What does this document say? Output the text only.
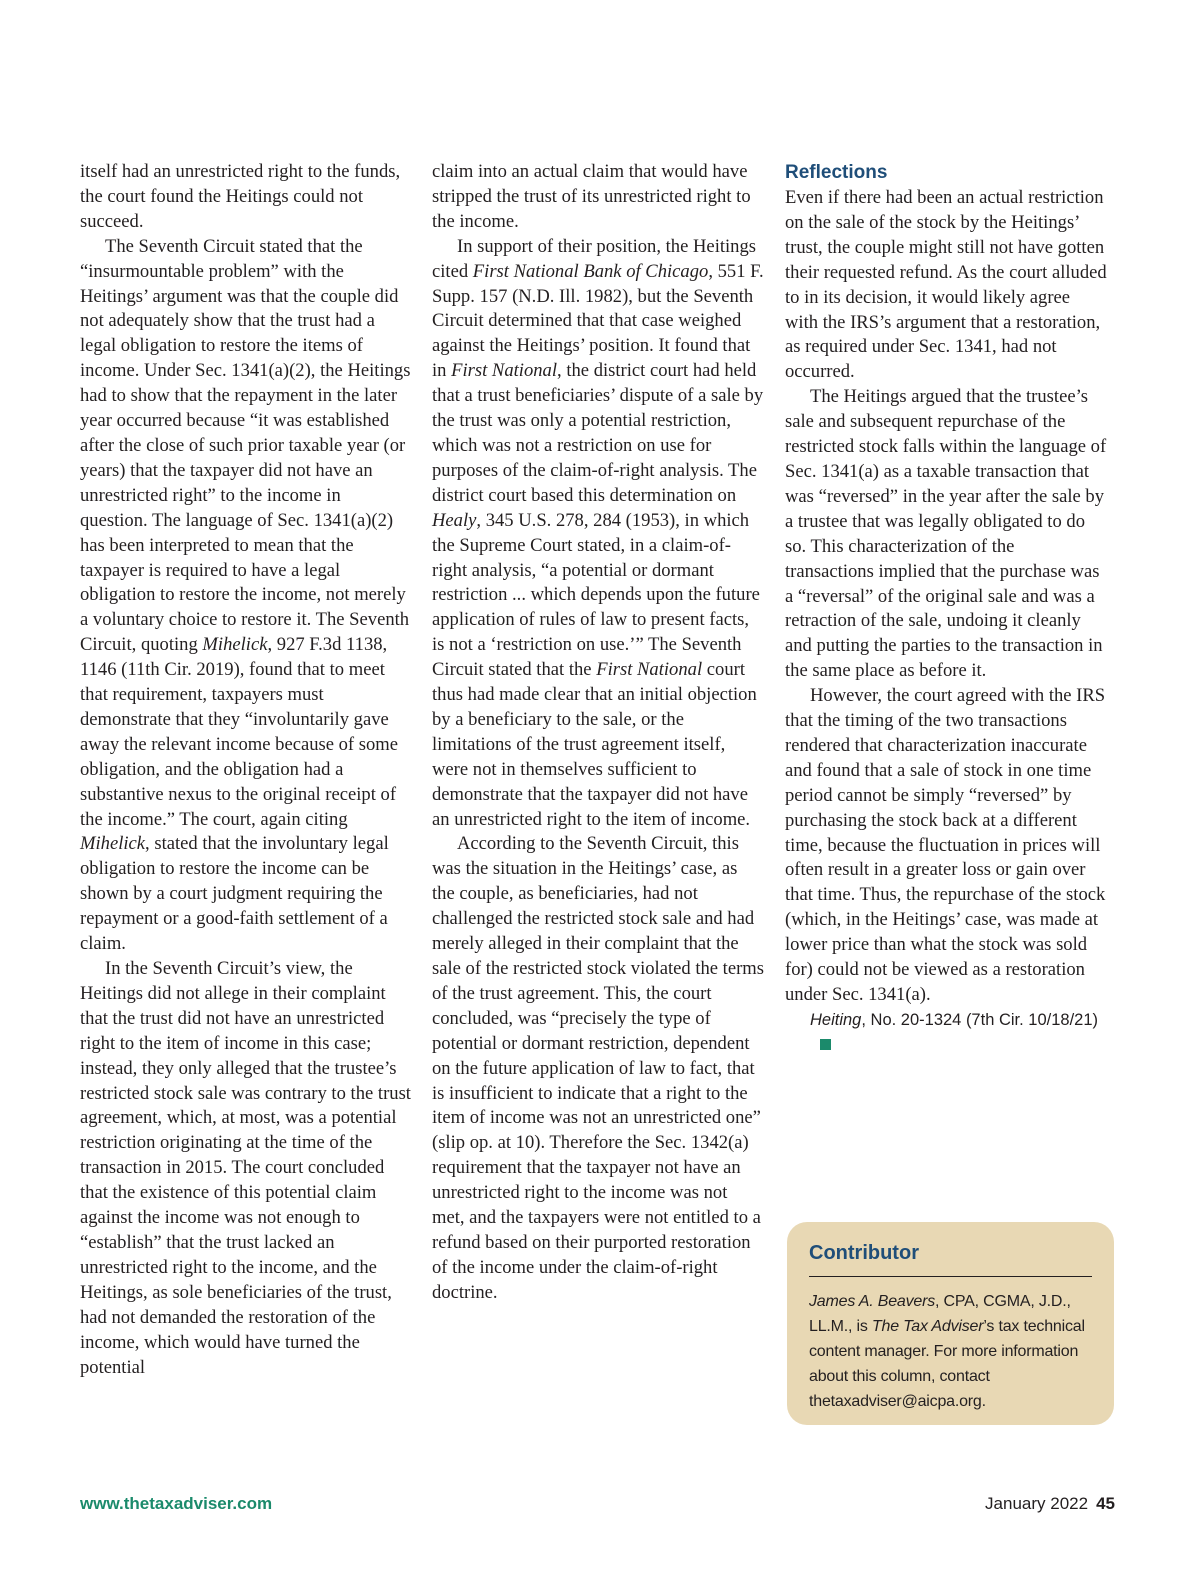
itself had an unrestricted right to the funds, the court found the Heitings could not succeed.

The Seventh Circuit stated that the “insurmountable problem” with the Heitings’ argument was that the couple did not adequately show that the trust had a legal obligation to restore the items of income. Under Sec. 1341(a)(2), the Heitings had to show that the repayment in the later year occurred because “it was established after the close of such prior taxable year (or years) that the taxpayer did not have an unrestricted right” to the income in question. The language of Sec. 1341(a)(2) has been interpreted to mean that the taxpayer is required to have a legal obligation to restore the income, not merely a voluntary choice to restore it. The Seventh Circuit, quoting Mihelick, 927 F.3d 1138, 1146 (11th Cir. 2019), found that to meet that requirement, taxpayers must demonstrate that they “involuntarily gave away the relevant income because of some obligation, and the obligation had a substantive nexus to the original receipt of the income.” The court, again citing Mihelick, stated that the involuntary legal obligation to restore the income can be shown by a court judgment requiring the repayment or a good-faith settlement of a claim.

In the Seventh Circuit’s view, the Heitings did not allege in their complaint that the trust did not have an unrestricted right to the item of income in this case; instead, they only alleged that the trustee’s restricted stock sale was contrary to the trust agreement, which, at most, was a potential restriction originating at the time of the transaction in 2015. The court concluded that the existence of this potential claim against the income was not enough to “establish” that the trust lacked an unrestricted right to the income, and the Heitings, as sole beneficiaries of the trust, had not demanded the restoration of the income, which would have turned the potential

claim into an actual claim that would have stripped the trust of its unrestricted right to the income.

In support of their position, the Heitings cited First National Bank of Chicago, 551 F. Supp. 157 (N.D. Ill. 1982), but the Seventh Circuit determined that that case weighed against the Heitings’ position. It found that in First National, the district court had held that a trust beneficiaries’ dispute of a sale by the trust was only a potential restriction, which was not a restriction on use for purposes of the claim-of-right analysis. The district court based this determination on Healy, 345 U.S. 278, 284 (1953), in which the Supreme Court stated, in a claim-of-right analysis, “a potential or dormant restriction ... which depends upon the future application of rules of law to present facts, is not a ‘restriction on use.’” The Seventh Circuit stated that the First National court thus had made clear that an initial objection by a beneficiary to the sale, or the limitations of the trust agreement itself, were not in themselves sufficient to demonstrate that the taxpayer did not have an unrestricted right to the item of income.

According to the Seventh Circuit, this was the situation in the Heitings’ case, as the couple, as beneficiaries, had not challenged the restricted stock sale and had merely alleged in their complaint that the sale of the restricted stock violated the terms of the trust agreement. This, the court concluded, was “precisely the type of potential or dormant restriction, dependent on the future application of law to fact, that is insufficient to indicate that a right to the item of income was not an unrestricted one” (slip op. at 10). Therefore the Sec. 1342(a) requirement that the taxpayer not have an unrestricted right to the income was not met, and the taxpayers were not entitled to a refund based on their purported restoration of the income under the claim-of-right doctrine.

Reflections

Even if there had been an actual restriction on the sale of the stock by the Heitings’ trust, the couple might still not have gotten their requested refund. As the court alluded to in its decision, it would likely agree with the IRS’s argument that a restoration, as required under Sec. 1341, had not occurred.

The Heitings argued that the trustee’s sale and subsequent repurchase of the restricted stock falls within the language of Sec. 1341(a) as a taxable transaction that was “reversed” in the year after the sale by a trustee that was legally obligated to do so. This characterization of the transactions implied that the purchase was a “reversal” of the original sale and was a retraction of the sale, undoing it cleanly and putting the parties to the transaction in the same place as before it.

However, the court agreed with the IRS that the timing of the two transactions rendered that characterization inaccurate and found that a sale of stock in one time period cannot be simply “reversed” by purchasing the stock back at a different time, because the fluctuation in prices will often result in a greater loss or gain over that time. Thus, the repurchase of the stock (which, in the Heitings’ case, was made at lower price than what the stock was sold for) could not be viewed as a restoration under Sec. 1341(a).

Heiting, No. 20-1324 (7th Cir. 10/18/21)

Contributor
James A. Beavers, CPA, CGMA, J.D., LL.M., is The Tax Adviser’s tax technical content manager. For more information about this column, contact thetaxadviser@aicpa.org.
www.thetaxadviser.com	January 2022 45
